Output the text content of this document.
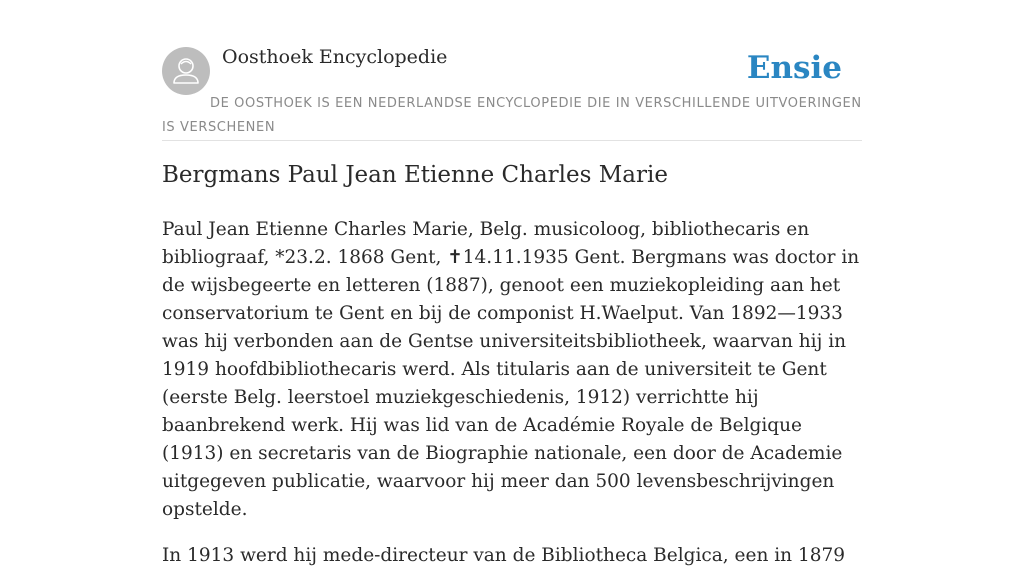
Oosthoek Encyclopedie	Ensie
DE OOSTHOEK IS EEN NEDERLANDSE ENCYCLOPEDIE DIE IN VERSCHILLENDE UITVOERINGEN IS VERSCHENEN
Bergmans Paul Jean Etienne Charles Marie

Paul Jean Etienne Charles Marie, Belg. musicoloog, bibliothecaris en bibliograaf, *23.2. 1868 Gent, ✝14.11.1935 Gent. Bergmans was doctor in de wijsbegeerte en letteren (1887), genoot een muziekopleiding aan het conservatorium te Gent en bij de componist H.Waelput. Van 1892—1933 was hij verbonden aan de Gentse universiteitsbibliotheek, waarvan hij in 1919 hoofdbibliothecaris werd. Als titularis aan de universiteit te Gent (eerste Belg. leerstoel muziekgeschiedenis, 1912) verrichtte hij baanbrekend werk. Hij was lid van de Académie Royale de Belgique (1913) en secretaris van de Biographie nationale, een door de Academie uitgegeven publicatie, waarvoor hij meer dan 500 levensbeschrijvingen opstelde.

In 1913 werd hij mede-directeur van de Bibliotheca Belgica, een in 1879
